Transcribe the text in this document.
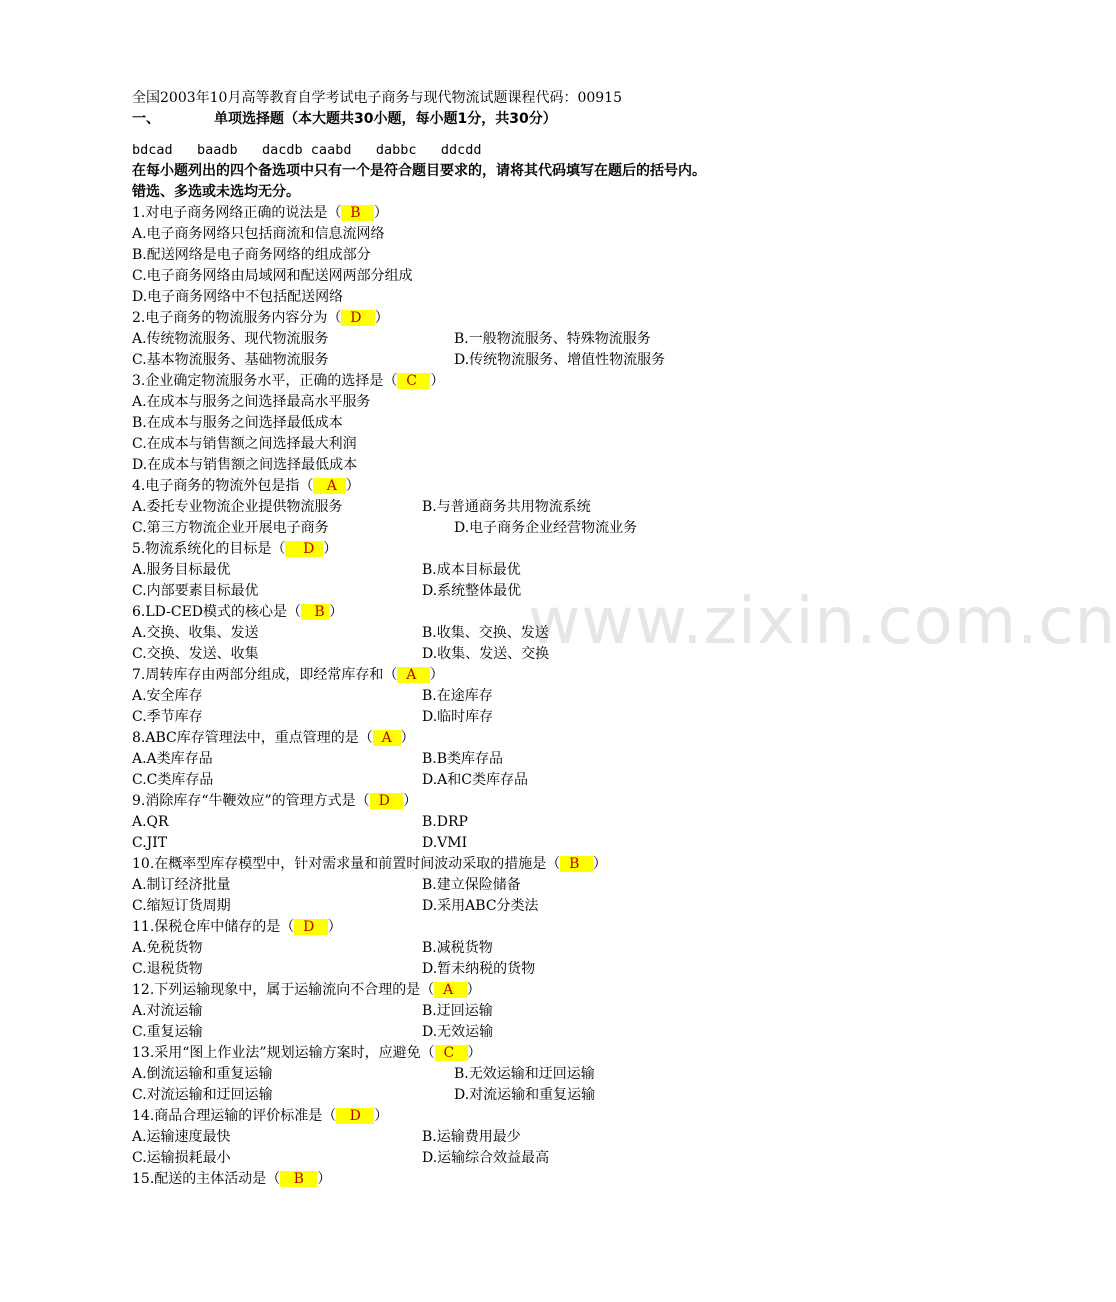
www.zixin.com.cn
全国2003年10月高等教育自学考试电子商务与现代物流试题课程代码：00915
一、	单项选择题（本大题共30小题，每小题1分，共30分）
bdcad   baadb   dacdb caabd   dabbc   ddcdd
在每小题列出的四个备选项中只有一个是符合题目要求的，请将其代码填写在题后的括号内。
错选、多选或未选均无分。
1.对电子商务网络正确的说法是（  B   ）
A.电子商务网络只包括商流和信息流网络
B.配送网络是电子商务网络的组成部分
C.电子商务网络由局域网和配送网两部分组成
D.电子商务网络中不包括配送网络
2.电子商务的物流服务内容分为（  D   ）
A.传统物流服务、现代物流服务	B.一般物流服务、特殊物流服务
C.基本物流服务、基础物流服务	D.传统物流服务、增值性物流服务
3.企业确定物流服务水平，正确的选择是（  C   ）
A.在成本与服务之间选择最高水平服务
B.在成本与服务之间选择最低成本
C.在成本与销售额之间选择最大利润
D.在成本与销售额之间选择最低成本
4.电子商务的物流外包是指（   A  ）
A.委托专业物流企业提供物流服务	B.与普通商务共用物流系统
C.第三方物流企业开展电子商务	D.电子商务企业经营物流业务
5.物流系统化的目标是（    D  ）
A.服务目标最优	B.成本目标最优
C.内部要素目标最优	D.系统整体最优
6.LD-CED模式的核心是（   B ）
A.交换、收集、发送	B.收集、交换、发送
C.交换、发送、收集	D.收集、发送、交换
7.周转库存由两部分组成，即经常库存和（  A   ）
A.安全库存	B.在途库存
C.季节库存	D.临时库存
8.ABC库存管理法中，重点管理的是（  A  ）
A.A类库存品	B.B类库存品
C.C类库存品	D.A和C类库存品
9.消除库存“牛鞭效应”的管理方式是（  D   ）
A.QR	B.DRP
C.JIT	D.VMI
10.在概率型库存模型中，针对需求量和前置时间波动采取的措施是（  B   ）
A.制订经济批量	B.建立保险储备
C.缩短订货周期	D.采用ABC分类法
11.保税仓库中储存的是（  D   ）
A.免税货物	B.减税货物
C.退税货物	D.暂未纳税的货物
12.下列运输现象中，属于运输流向不合理的是（  A   ）
A.对流运输	B.迂回运输
C.重复运输	D.无效运输
13.采用“图上作业法”规划运输方案时，应避免（  C   ）
A.倒流运输和重复运输	B.无效运输和迂回运输
C.对流运输和迂回运输	D.对流运输和重复运输
14.商品合理运输的评价标准是（   D   ）
A.运输速度最快	B.运输费用最少
C.运输损耗最小	D.运输综合效益最高
15.配送的主体活动是（   B   ）
